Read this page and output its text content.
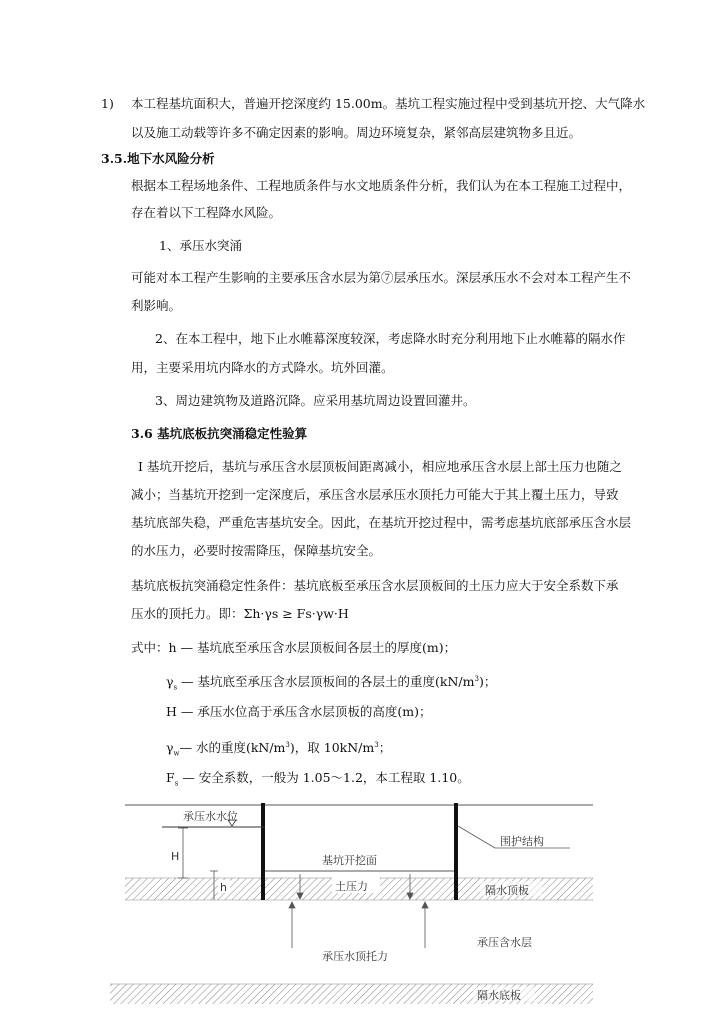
1) 本工程基坑面积大，普遍开挖深度约 15.00m。基坑工程实施过程中受到基坑开挖、大气降水
以及施工动载等许多不确定因素的影响。周边环境复杂，紧邻高层建筑物多且近。
3.5.地下水风险分析
根据本工程场地条件、工程地质条件与水文地质条件分析，我们认为在本工程施工过程中，
存在着以下工程降水风险。
1、承压水突涌
可能对本工程产生影响的主要承压含水层为第⑦层承压水。深层承压水不会对本工程产生不
利影响。
2、在本工程中，地下止水帷幕深度较深，考虑降水时充分利用地下止水帷幕的隔水作
用，主要采用坑内降水的方式降水。坑外回灌。
3、周边建筑物及道路沉降。应采用基坑周边设置回灌井。
3.6 基坑底板抗突涌稳定性验算
I 基坑开挖后，基坑与承压含水层顶板间距离减小，相应地承压含水层上部土压力也随之
减小；当基坑开挖到一定深度后，承压含水层承压水顶托力可能大于其上覆土压力，导致
基坑底部失稳，严重危害基坑安全。因此，在基坑开挖过程中，需考虑基坑底部承压含水层
的水压力，必要时按需降压，保障基坑安全。
基坑底板抗突涌稳定性条件：基坑底板至承压含水层顶板间的土压力应大于安全系数下承
压水的顶托力。即：Σh·γs ≥ Fs·γw·H
式中：h — 基坑底至承压含水层顶板间各层土的厚度(m)；
$\gamma_s$ — 基坑底至承压含水层顶板间的各层土的重度$(kN/m^3)$；
H — 承压水位高于承压含水层顶板的高度(m)；
$\gamma_w—$ 水的重度$(kN/m^3)$，取 $10kN/m^3$；
$F_s$ — 安全系数，一般为 1.05～1.2，本工程取 1.10。
承压水水位
H	基坑开挖面
h	土压力
承压水顶托力
围护结构
隔水顶板
承压含水层
隔水底板
